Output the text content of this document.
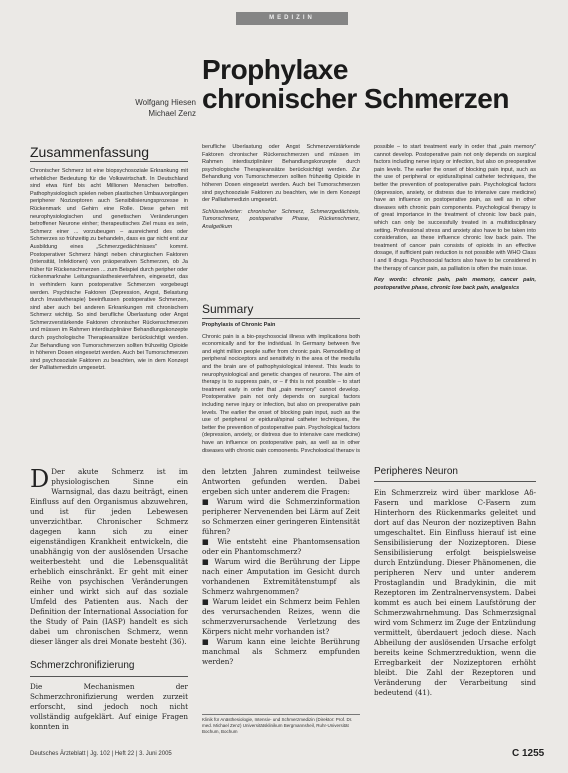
MEDIZIN
Wolfgang Hiesen
Michael Zenz
Prophylaxe
chronischer Schmerzen
Zusammenfassung

Chronischer Schmerz ist eine biopsychosoziale Erkrankung mit erheblicher Bedeutung für die Volkswirtschaft. In Deutschland sind etwa fünf bis acht Millionen Menschen betroffen. Pathophysiologisch spielen neben plastischen Umbauvorgängen peripherer Nozizeptoren auch Sensibilisierungsprozesse in Rückenmark und Gehirn eine Rolle. Diese gehen mit neurophysiologischen und genetischen Veränderungen betroffener Neurone einher; therapeutisches Ziel muss es sein, Schmerz einer ... vorzubeugen – ausreichend des oder Schmerzes so frühzeitig zu behandeln, dass es gar nicht erst zur Ausbildung eines „Schmerzgedächtnisses" kommt. Postoperativer Schmerz hängt neben chirurgischen Faktoren (Intensität, Infektionen) von präoperativen Schmerzen, ob Ja früher für Rückenschmerzen ... zum Beispiel durch peripher oder rückenmarknahe Leitungsanästhesieverfahren, eingesetzt, das in verhindern kann postoperative Schmerzen vorgebeugt werden. Psychische Faktoren (Depression, Angst, Belastung durch Invasivtherapie) beeinflussen postoperative Schmerzen, sind aber auch bei anderen Erkrankungen mit chronischem Schmerz wichtig. So sind berufliche Überlastung oder Angst Schmerzverstärkende Faktoren chronischer Rückenschmerzen und müssen im Rahmen interdisziplinärer Behandlungskonzepte durch psychologische Therapieansätze berücksichtigt werden. Zur Behandlung von Tumorschmerzen sollten frühzeitig Opioide in höheren Dosen eingesetzt werden. Auch bei Tumorschmerzen sind psychosoziale Faktoren zu beachten, wie in dem Konzept der Palliativmedizin umgesetzt.

berufliche Überlastung oder Angst Schmerzverstärkende Faktoren chronischer Rückenschmerzen und müssen im Rahmen interdisziplinärer Behandlungskonzepte durch psychologische Therapieansätze berücksichtigt werden. Zur Behandlung von Tumorschmerzen sollten frühzeitig Opioide in höheren Dosen eingesetzt werden. Auch bei Tumorschmerzen sind psychosoziale Faktoren zu beachten, wie in dem Konzept der Palliativmedizin umgesetzt.

Schlüsselwörter: chronischer Schmerz, Schmerzgedächtnis, Tumorschmerz, postoperative Phase, Rückenschmerz, Analgetikum

Summary

Prophylaxis of Chronic Pain

Chronic pain is a bio-psychosocial illness with implications both economically and for the individual. In Germany between five and eight million people suffer from chronic pain. Remodelling of peripheral nociceptors and sensitivity in the area of the medulla and the brain are of pathophysiological interest. This leads to neurophysiological and genetic changes of neurons. The aim of therapy is to suppress pain, or – if this is not possible – to start treatment early in order that „pain memory" cannot develop. Postoperative pain not only depends on surgical factors including nerve injury or infection, but also on preoperative pain levels. The earlier the onset of blocking pain input, such as the use of peripheral or epidural/spinal catheter techniques, the better the prevention of postoperative pain. Psychological factors (depression, anxiety, or distress due to intensive care medicine) have an influence on postoperative pain, as well as in other diseases with chronic pain components. Psychological therapy is

possible – to start treatment early in order that „pain memory" cannot develop. Postoperative pain not only depends on surgical factors including nerve injury or infection, but also on preoperative pain levels. The earlier the onset of blocking pain input, such as the use of peripheral or epidural/spinal catheter techniques, the better the prevention of postoperative pain. Psychological factors (depression, anxiety, or distress due to intensive care medicine) have an influence on postoperative pain, as well as in other diseases with chronic pain components. Psychological therapy is of great importance in the treatment of chronic low back pain, which can only be successfully treated in a multidisciplinary setting. Professional stress and anxiety also have to be taken into consideration, as these influence chronic low back pain. The treatment of cancer pain consists of opioids in an effective dosage, if sufficient pain reduction is not possible with WHO Class I and II drugs. Psychosocial factors also have to be considered in the therapy of cancer pain, as palliation is often the main issue.

Key words: chronic pain, pain memory, cancer pain, postoperative phase, chronic low back pain, analgesics

D Der akute Schmerz ist im physiologischen Sinne ein Warnsignal, das dazu beiträgt, einen Einfluss auf den Organismus abzuwehren, und ist für jeden Lebewesen unverzichtbar. Chronischer Schmerz dagegen kann sich zu einer eigenständigen Krankheit entwickeln, die unabhängig von der auslösenden Ursache weiterbesteht und die Lebensqualität erheblich einschränkt. Er geht mit einer Reihe von psychischen Veränderungen einher und wirkt sich auf das soziale Umfeld des Patienten aus. Nach der Definition der International Association for the Study of Pain (IASP) handelt es sich dabei um chronischen Schmerz, wenn dieser länger als drei Monate besteht (36).

Schmerzchronifizierung

Die Mechanismen der Schmerzchronifizierung werden zurzeit erforscht, sind jedoch noch nicht vollständig aufgeklärt. Auf einige Fragen konnten in

den letzten Jahren zumindest teilweise Antworten gefunden werden. Dabei ergeben sich unter anderem die Fragen:

■ Warum wird die Schmerzinformation peripherer Nervenenden bei Lärm auf Zeit so Schmerzen einer geringeren Eintensität führen?

■ Wie entsteht eine Phantomsensation oder ein Phantomschmerz?

■ Warum wird die Berührung der Lippe nach einer Amputation im Gesicht durch vorhandenen Extremitätenstumpf als Schmerz wahrgenommen?

■ Warum leidet ein Schmerz beim Fehlen des verursachenden Reizes, wenn die schmerzverursachende Verletzung des Körpers nicht mehr vorhanden ist?

■ Warum kann eine leichte Berührung manchmal als Schmerz empfunden werden?

Klinik für Anästhesiologie, Intensiv- und Schmerzmedizin (Direktor: Prof. Dr. med. Michael Zenz) Universitätsklinikum Bergmannsheil, Ruhr-Universität Bochum, Bochum
Peripheres Neuron

Ein Schmerzreiz wird über marklose Aδ-Fasern und marklose C-Fasern zum Hinterhorn des Rückenmarks geleitet und dort auf das Neuron der nozizeptiven Bahn umgeschaltet. Ein Einfluss hierauf ist eine Sensibilisierung der Nozizeptoren. Diese Sensibilisierung erfolgt beispielsweise durch Entzündung. Dieser Phänomenen, die peripheren Nerv und unter anderem Prostaglandin und Bradykinin, die mit Rezeptoren im Zentralnervensystem. Dabei kommt es auch bei einem Laufstörung der Schmerzwahrnehmung. Das Schmerzsignal wird vom Schmerz im Zuge der Entzündung vermittelt, überdauert jedoch diese. Nach Abheilung der auslösenden Ursache erfolgt bereits keine Schmerzreduktion, wenn die Erregbarkeit der Nozizeptoren erhöht bleibt. Die Zahl der Rezeptoren und Veränderung der Verarbeitung sind bedeutend (41).

Deutsches Ärzteblatt | Jg. 102 | Heft 22 | 3. Juni 2005	C 1255
